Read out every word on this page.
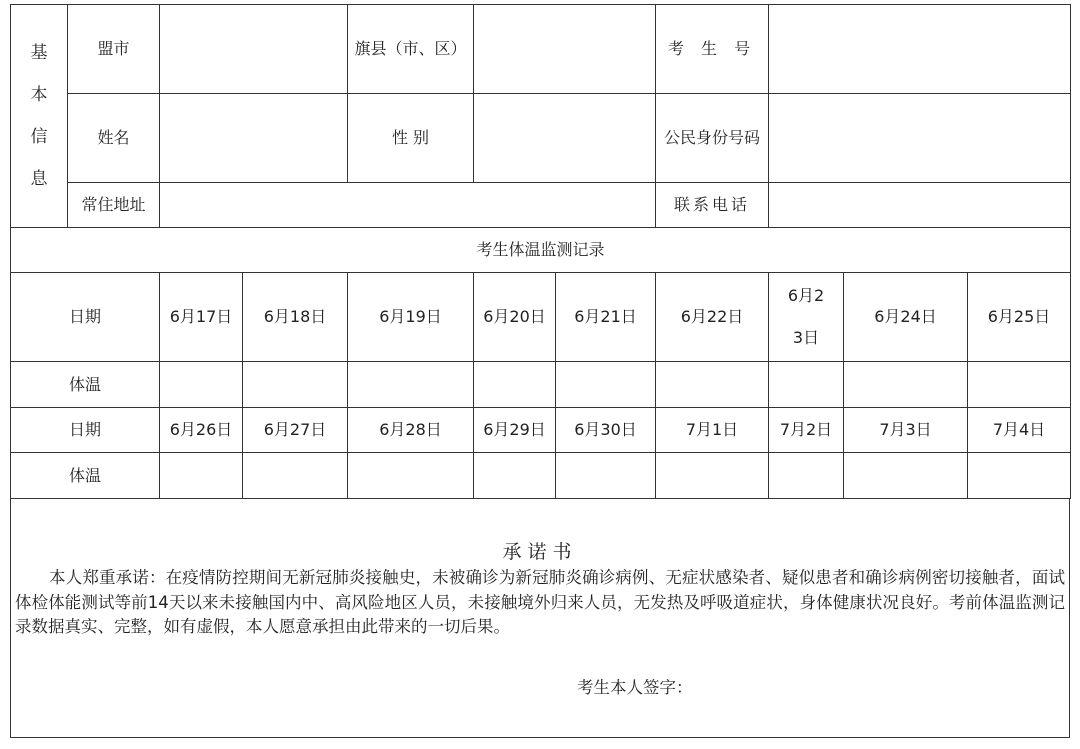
基本信息	盟市			旗县（市、区）			考 生 号			
	姓名			性 别			公民身份号码			

	常住地址						联系电话			
考生体温监测记录										
日期		6月17日	6月18日	6月19日	6月20日	6月21日	6月22日	6月23日	6月24日	6月25日
体温										
日期		6月26日	6月27日	6月28日	6月29日	6月30日	7月1日	7月2日	7月3日	7月4日
体温										
承诺书
本人郑重承诺：在疫情防控期间无新冠肺炎接触史，未被确诊为新冠肺炎确诊病例、无症状感染者、疑似患者和确诊病例密切接触者，面试体检体能测试等前14天以来未接触国内中、高风险地区人员，未接触境外归来人员，无发热及呼吸道症状，身体健康状况良好。考前体温监测记录数据真实、完整，如有虚假，本人愿意承担由此带来的一切后果。
考生本人签字：
